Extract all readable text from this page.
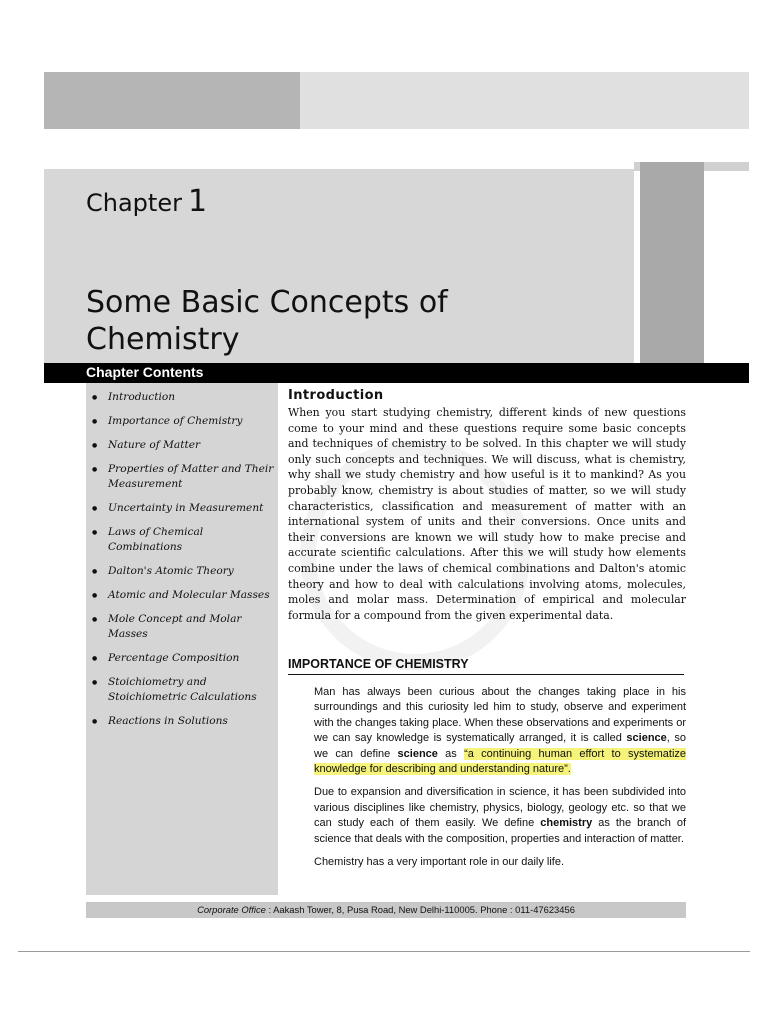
Chapter 1
Some Basic Concepts of
Chemistry
Chapter Contents
● Introduction
● Importance of Chemistry
● Nature of Matter
● Properties of Matter and Their Measurement
● Uncertainty in Measurement
● Laws of Chemical Combinations
● Dalton's Atomic Theory
● Atomic and Molecular Masses
● Mole Concept and Molar Masses
● Percentage Composition
● Stoichiometry and Stoichiometric Calculations
● Reactions in Solutions
Introduction

When you start studying chemistry, different kinds of new questions come to your mind and these questions require some basic concepts and techniques of chemistry to be solved. In this chapter we will study only such concepts and techniques. We will discuss, what is chemistry, why shall we study chemistry and how useful is it to mankind? As you probably know, chemistry is about studies of matter, so we will study characteristics, classification and measurement of matter with an international system of units and their conversions. Once units and their conversions are known we will study how to make precise and accurate scientific calculations. After this we will study how elements combine under the laws of chemical combinations and Dalton's atomic theory and how to deal with calculations involving atoms, molecules, moles and molar mass. Determination of empirical and molecular formula for a compound from the given experimental data.

IMPORTANCE OF CHEMISTRY

Man has always been curious about the changes taking place in his surroundings and this curiosity led him to study, observe and experiment with the changes taking place. When these observations and experiments or we can say knowledge is systematically arranged, it is called science, so we can define science as “a continuing human effort to systematize knowledge for describing and understanding nature”.

Due to expansion and diversification in science, it has been subdivided into various disciplines like chemistry, physics, biology, geology etc. so that we can study each of them easily. We define chemistry as the branch of science that deals with the composition, properties and interaction of matter.

Chemistry has a very important role in our daily life.

Corporate Office : Aakash Tower, 8, Pusa Road, New Delhi-110005. Phone : 011-47623456
